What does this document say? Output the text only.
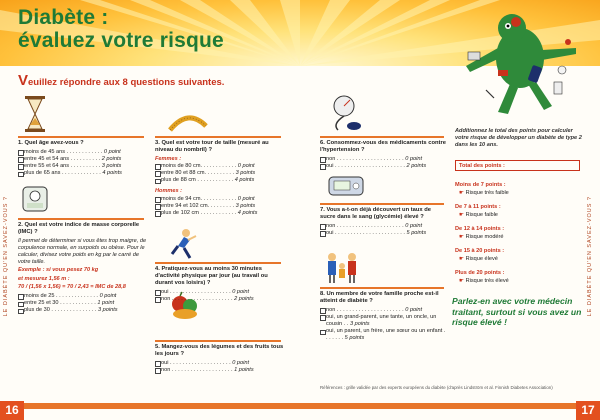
Diabète :
évaluez votre risque
Veuillez répondre aux 8 questions suivantes.
LE DIABÈTE QU'EN SAVEZ-VOUS ?	LE DIABÈTE QU'EN SAVEZ-VOUS ?
1. Quel âge avez-vous ?
moins de 45 ans . . . . . . . . . . . . 0 point
entre 45 et 54 ans . . . . . . . . . . 2 points
entre 55 et 64 ans . . . . . . . . . . 3 points
plus de 65 ans . . . . . . . . . . . . . 4 points
2. Quel est votre indice de masse corporelle (IMC) ?
Il permet de déterminer si vous êtes trop maigre, de corpulence normale, en surpoids ou obèse. Pour le calculer, divisez votre poids en kg par le carré de votre taille.
Exemple : si vous pesez 70 kg
et mesurez 1,56 m :
70 / (1,56 x 1,56) = 70 / 2,43 = IMC de 28,8
moins de 25 . . . . . . . . . . . . . . 0 point
entre 25 et 30 . . . . . . . . . . . . 1 point
plus de 30 . . . . . . . . . . . . . . . 3 points
3. Quel est votre tour de taille (mesuré au niveau du nombril) ?
Femmes :
moins de 80 cm. . . . . . . . . . . . 0 point
entre 80 et 88 cm. . . . . . . . . . 3 points
plus de 88 cm . . . . . . . . . . . . 4 points
Hommes :
moins de 94 cm. . . . . . . . . . . . 0 point
entre 94 et 102 cm. . . . . . . . . 3 points
plus de 102 cm . . . . . . . . . . . . 4 points
4. Pratiquez-vous au moins 30 minutes d'activité physique par jour (au travail ou durant vos loisirs) ?
oui . . . . . . . . . . . . . . . . . . . . 0 point
non . . . . . . . . . . . . . . . . . . . . 2 points
5. Mangez-vous des légumes et des fruits tous les jours ?
oui . . . . . . . . . . . . . . . . . . . . 0 point
non . . . . . . . . . . . . . . . . . . . . 1 points
6. Consommez-vous des médicaments contre l'hypertension ?
non . . . . . . . . . . . . . . . . . . . . . . 0 point
oui . . . . . . . . . . . . . . . . . . . . . . . 2 points
7. Vous a-t-on déjà découvert un taux de sucre dans le sang (glycémie) élevé ?
non . . . . . . . . . . . . . . . . . . . . . . 0 point
oui . . . . . . . . . . . . . . . . . . . . . . . 5 points
8. Un membre de votre famille proche est-il atteint de diabète ?
non . . . . . . . . . . . . . . . . . . . . . . 0 point
oui, un grand-parent, une tante, un oncle, un cousin . . 3 points
oui, un parent, un frère, une sœur ou un enfant . . . . . . . 5 points
Additionnez le total des points pour calculer votre risque de développer un diabète de type 2 dans les 10 ans.
Total des points :
Moins de 7 points :
☛ Risque très faible
De 7 à 11 points :
☛ Risque faible
De 12 à 14 points :
☛ Risque modéré
De 15 à 20 points :
☛ Risque élevé
Parlez-en avec votre médecin traitant, surtout si vous avez un risque élevé !
Plus de 20 points :
☛ Risque très élevé
Références : grille validée par des experts européens du diabète (d'après Lindström et al. Finnish Diabetes Association)
16	17
